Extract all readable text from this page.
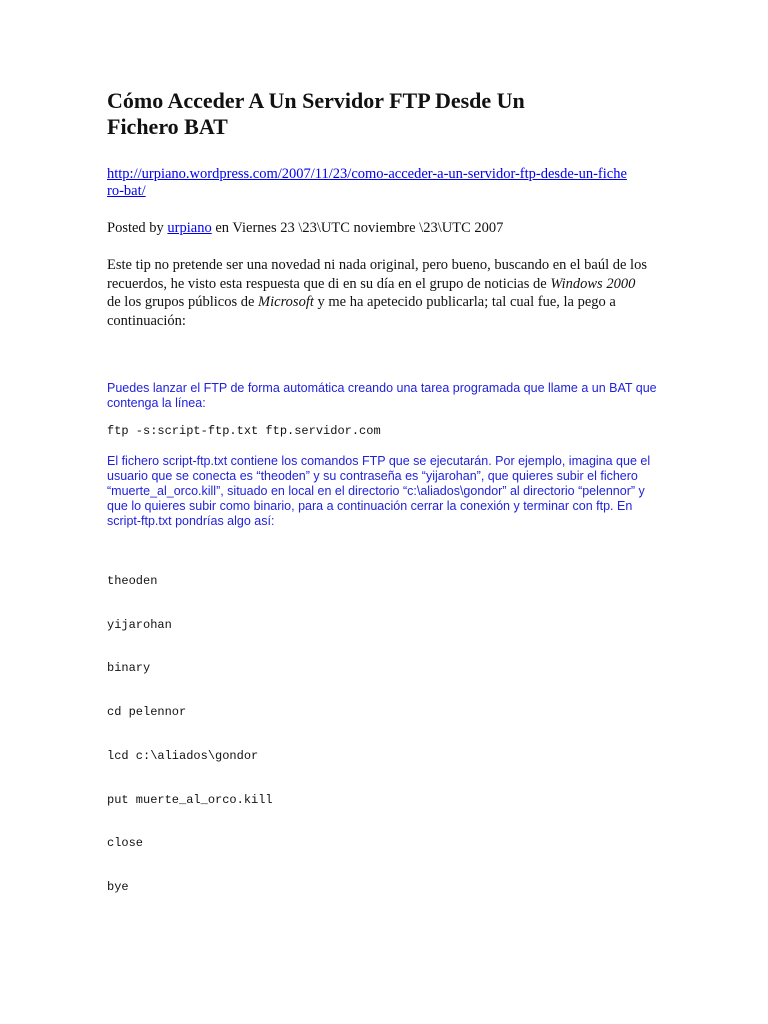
Cómo Acceder A Un Servidor FTP Desde Un Fichero BAT
http://urpiano.wordpress.com/2007/11/23/como-acceder-a-un-servidor-ftp-desde-un-fichero-bat/
Posted by urpiano en Viernes 23 \23\UTC noviembre \23\UTC 2007
Este tip no pretende ser una novedad ni nada original, pero bueno, buscando en el baúl de los recuerdos, he visto esta respuesta que di en su día en el grupo de noticias de Windows 2000 de los grupos públicos de Microsoft y me ha apetecido publicarla; tal cual fue, la pego a continuación:
Puedes lanzar el FTP de forma automática creando una tarea programada que llame a un BAT que contenga la línea:
ftp -s:script-ftp.txt ftp.servidor.com
El fichero script-ftp.txt contiene los comandos FTP que se ejecutarán. Por ejemplo, imagina que el usuario que se conecta es “theoden” y su contraseña es “yijarohan”, que quieres subir el fichero “muerte_al_orco.kill”, situado en local en el directorio “c:\aliados\gondor” al directorio “pelennor” y que lo quieres subir como binario, para a continuación cerrar la conexión y terminar con ftp. En script-ftp.txt pondrías algo así:

theoden

yijarohan

binary

cd pelennor

lcd c:\aliados\gondor

put muerte_al_orco.kill

close

bye
